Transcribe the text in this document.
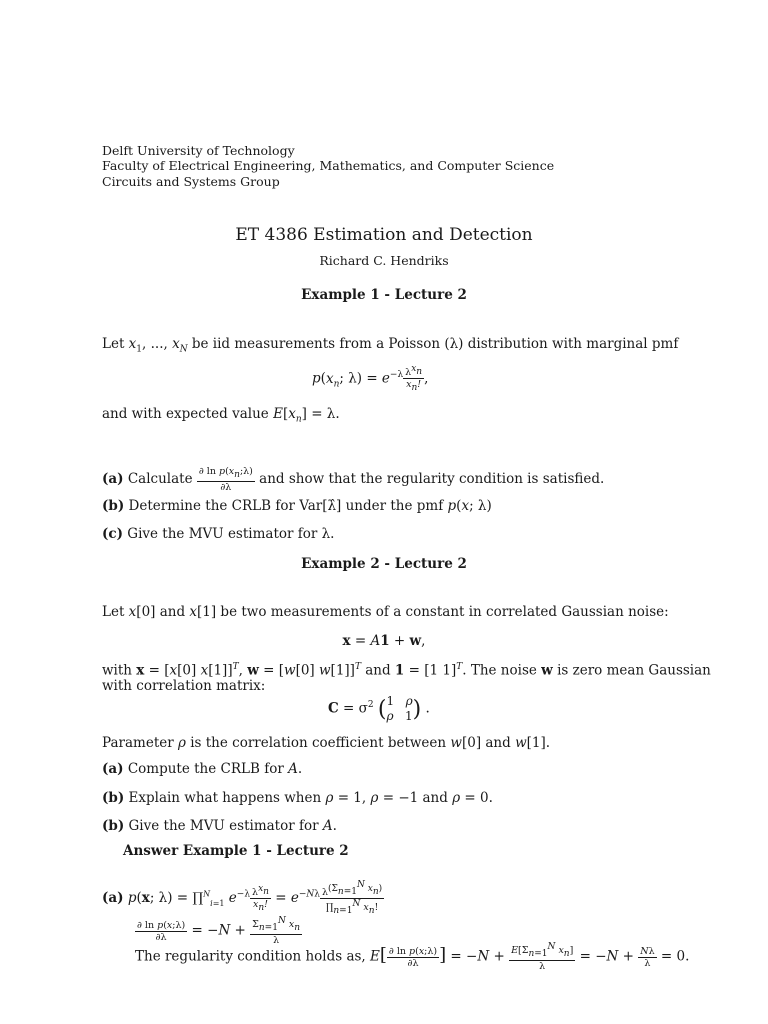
Delft University of Technology
Faculty of Electrical Engineering, Mathematics, and Computer Science
Circuits and Systems Group
ET 4386 Estimation and Detection
Richard C. Hendriks
Example 1 - Lecture 2
Let $x_1$, ..., $x_N$ be iid measurements from a Poisson (λ) distribution with marginal pmf
$p(x_n$; $\lambda) = e^{-\lambda} \frac{\lambda^{x_n}}{x_n!}$ ,
and with expected value $E[x_n] = \lambda$.
(a) Calculate $\frac{\partial \ln p(x_n;\lambda)}{\partial\lambda}$ and show that the regularity condition is satisfied.
(b) Determine the CRLB for Var[λ̂] under the pmf p(x; λ)
(c) Give the MVU estimator for λ.
Example 2 - Lecture 2
Let x[0] and x[1] be two measurements of a constant in correlated Gaussian noise:
x = A1 + w,
with x = [x[0] x[1]]$^T$, w = [w[0] w[1]]$^T$ and 1 = [1 1]$^T$. The noise w is zero mean Gaussian
with correlation matrix:
$C = \sigma^2$ (1   ρ
ρ   1) .
Parameter ρ is the correlation coefficient between w[0] and w[1].
(a) Compute the CRLB for A.
(b) Explain what happens when ρ = 1, ρ = −1 and ρ = 0.
(b) Give the MVU estimator for A.
Answer Example 1 - Lecture 2
(a) p(x; λ) = ∏$^N_{i=1}$ $e^{-\lambda} \frac{\lambda^{x_n}}{x_n!} = e^{-N\lambda} \frac{\lambda^{(\Sigma_{n=1}^N x_n)}}{\prod_{n=1}^N x_n!}$
$\frac{\text{∂ ln p(x;λ)}}{\partial\lambda} = -N + \frac{\Sigma_{n=1}^N x_n}{\lambda}$
The regularity condition holds as, $E[ \frac{\text{∂ ln p(x;λ)}}{\partial\lambda}$ ] = $-N + \frac{E[\Sigma_{n=1}^N x_n]}{\lambda} = -N + \frac{N\lambda}{\lambda} = 0$.
